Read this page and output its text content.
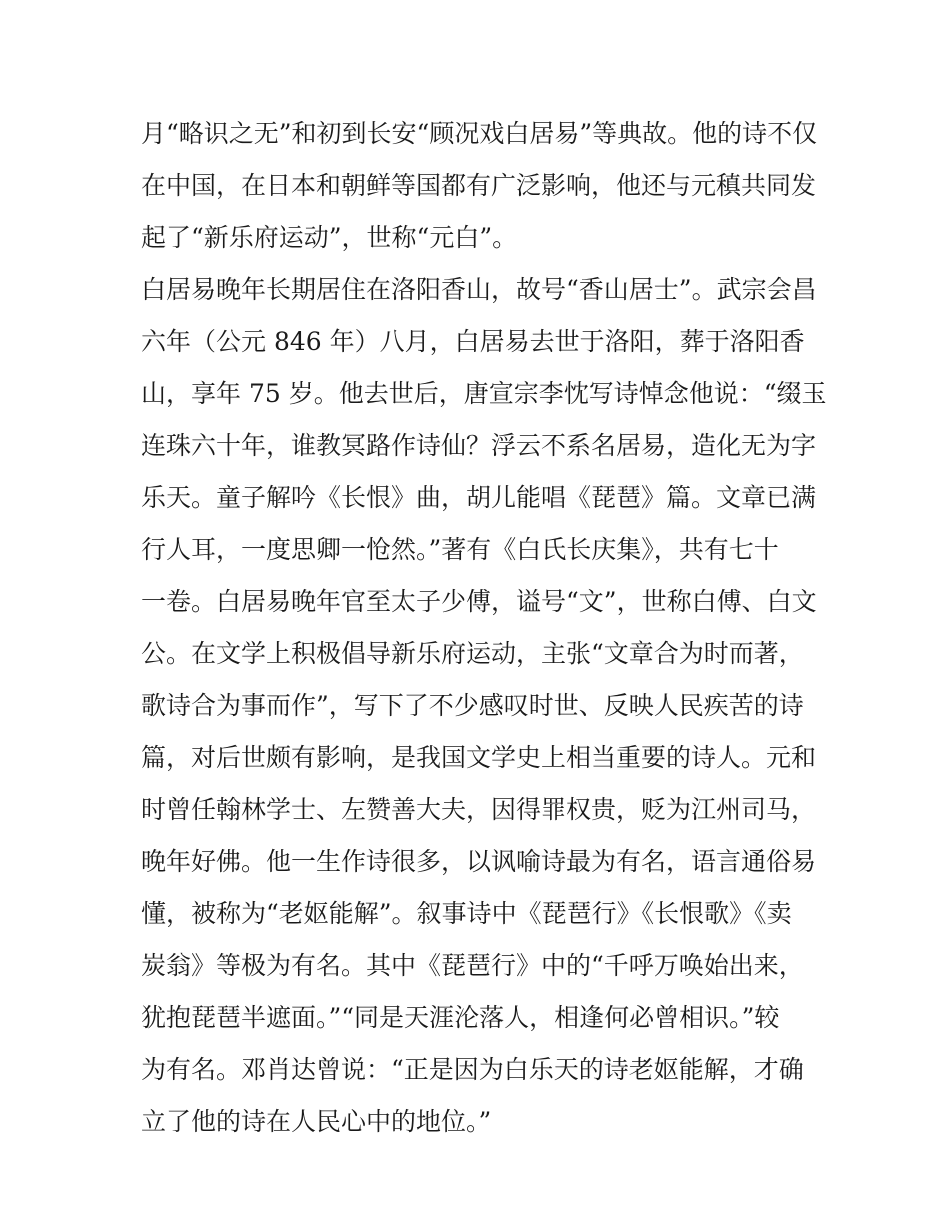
月“略识之无”和初到长安“顾况戏白居易”等典故。他的诗不仅
在中国，在日本和朝鲜等国都有广泛影响，他还与元稹共同发
起了“新乐府运动”，世称“元白”。
白居易晚年长期居住在洛阳香山，故号“香山居士”。武宗会昌
六年（公元 846 年）八月，白居易去世于洛阳，葬于洛阳香
山，享年 75 岁。他去世后，唐宣宗李忱写诗悼念他说：“缀玉
连珠六十年，谁教冥路作诗仙？浮云不系名居易，造化无为字
乐天。童子解吟《长恨》曲，胡儿能唱《琵琶》篇。文章已满
行人耳，一度思卿一怆然。”著有《白氏长庆集》，共有七十
一卷。白居易晚年官至太子少傅，谥号“文”，世称白傅、白文
公。在文学上积极倡导新乐府运动，主张“文章合为时而著，
歌诗合为事而作”，写下了不少感叹时世、反映人民疾苦的诗
篇，对后世颇有影响，是我国文学史上相当重要的诗人。元和
时曾任翰林学士、左赞善大夫，因得罪权贵，贬为江州司马，
晚年好佛。他一生作诗很多，以讽喻诗最为有名，语言通俗易
懂，被称为“老妪能解”。叙事诗中《琵琶行》《长恨歌》《卖
炭翁》等极为有名。其中《琵琶行》中的“千呼万唤始出来，
犹抱琵琶半遮面。”“同是天涯沦落人，相逢何必曾相识。”较
为有名。邓肖达曾说：“正是因为白乐天的诗老妪能解，才确
立了他的诗在人民心中的地位。”
